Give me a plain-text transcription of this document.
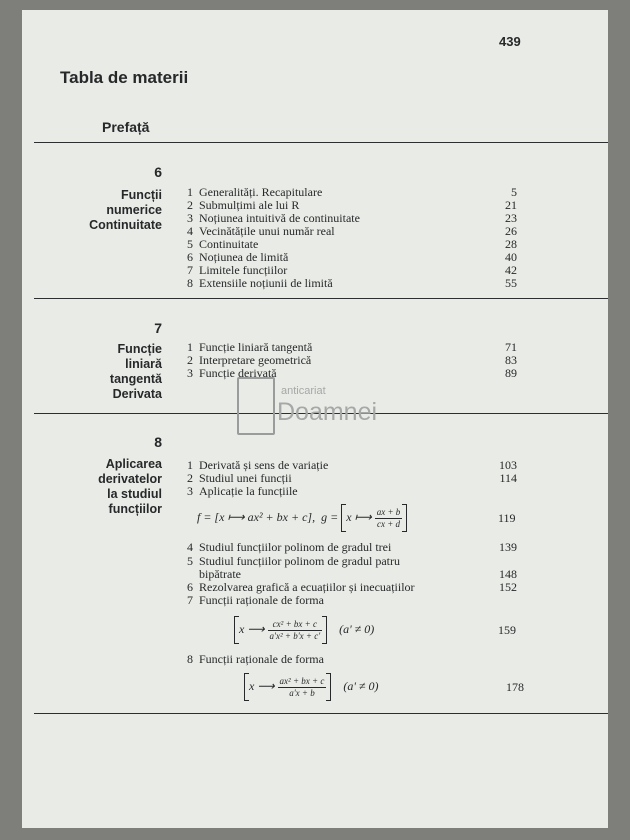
439
Tabla de materii
Prefață
6
Funcții
numerice
Continuitate
1 Generalități. Recapitulare	5
2 Submulțimi ale lui R	21
3 Noțiunea intuitivă de continuitate	23
4 Vecinătățile unui număr real	26
5 Continuitate	28
6 Noțiunea de limită	40
7 Limitele funcțiilor	42
8 Extensiile noțiunii de limită	55
7
Funcție
liniară
tangentă
Derivata
1 Funcție liniară tangentă	71
2 Interpretare geometrică	83
3 Funcție derivată	89
8
Aplicarea
derivatelor
la studiul
funcțiilor
1 Derivată și sens de variație	103
2 Studiul unei funcții	114
3 Aplicație la funcțiile
f = [x ⟼ ax² + bx + c], g = x ⟼ $\frac{ax + b}{cx + d}$	119
4 Studiul funcțiilor polinom de gradul trei	139
5 Studiul funcțiilor polinom de gradul patru
bipătrate	148
6 Rezolvarea grafică a ecuațiilor și inecuațiilor	152
7 Funcții raționale de forma
x ⟶ $\frac{\text{cx² + bx + c}}{\text{a'x² + b'x + c'}} (a' \ne 0)$	159
8 Funcții raționale de forma
x ⟶ $\frac{\text{ax² + bx + c}}{a'x + b} (a' \ne 0)$	178
anticariat
Doamnei
